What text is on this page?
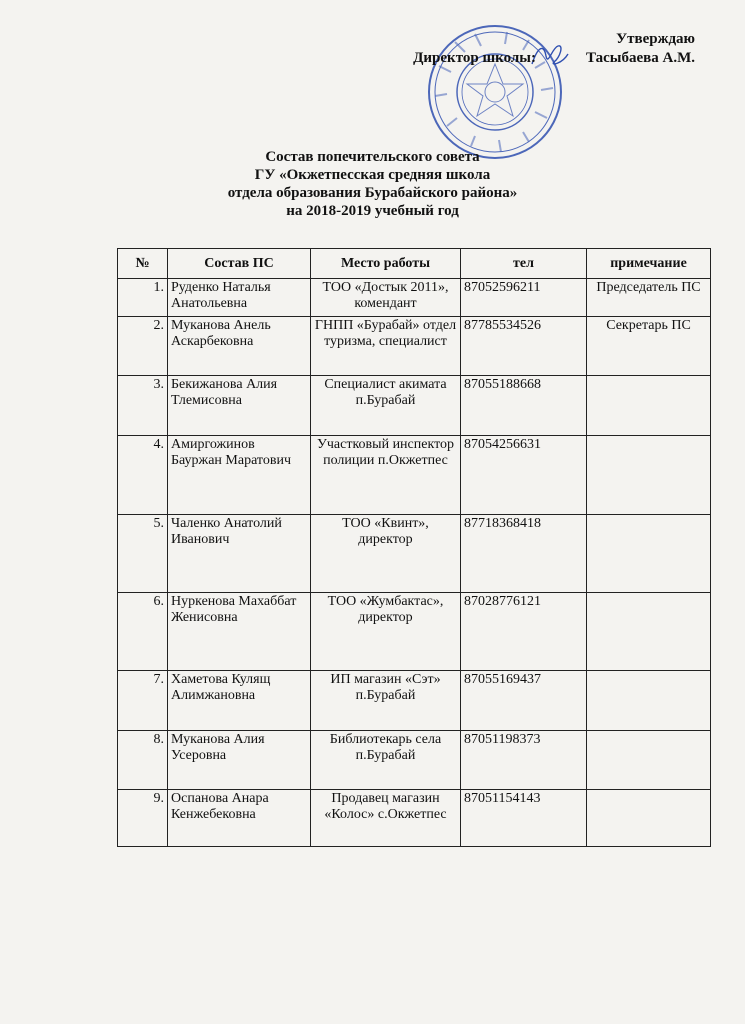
Утверждаю
Директор школы:	Тасыбаева А.М.
Состав попечительского совета
ГУ «Окжетпесская средняя школа
отдела образования Бурабайского района»
на 2018-2019 учебный год
№	Состав ПС	Место работы	тел	примечание
1.	Руденко Наталья Анатольевна	ТОО «Достык 2011», комендант	87052596211	Председатель ПС
2.	Муканова Анель Аскарбековна	ГНПП «Бурабай» отдел туризма, специалист	87785534526	Секретарь ПС
3.	Бекижанова Алия Тлемисовна	Специалист акимата п.Бурабай	87055188668	
4.	Амиргожинов Бауржан Маратович	Участковый инспектор полиции п.Окжетпес	87054256631	
5.	Чаленко Анатолий Иванович	ТОО «Квинт», директор	87718368418	
6.	Нуркенова Махаббат Женисовна	ТОО «Жумбактас», директор	87028776121	
7.	Хаметова Кулящ Алимжановна	ИП магазин «Сэт» п.Бурабай	87055169437	
8.	Муканова Алия Усеровна	Библиотекарь села п.Бурабай	87051198373	
9.	Оспанова Анара Кенжебековна	Продавец магазин «Колос» с.Окжетпес	87051154143	
